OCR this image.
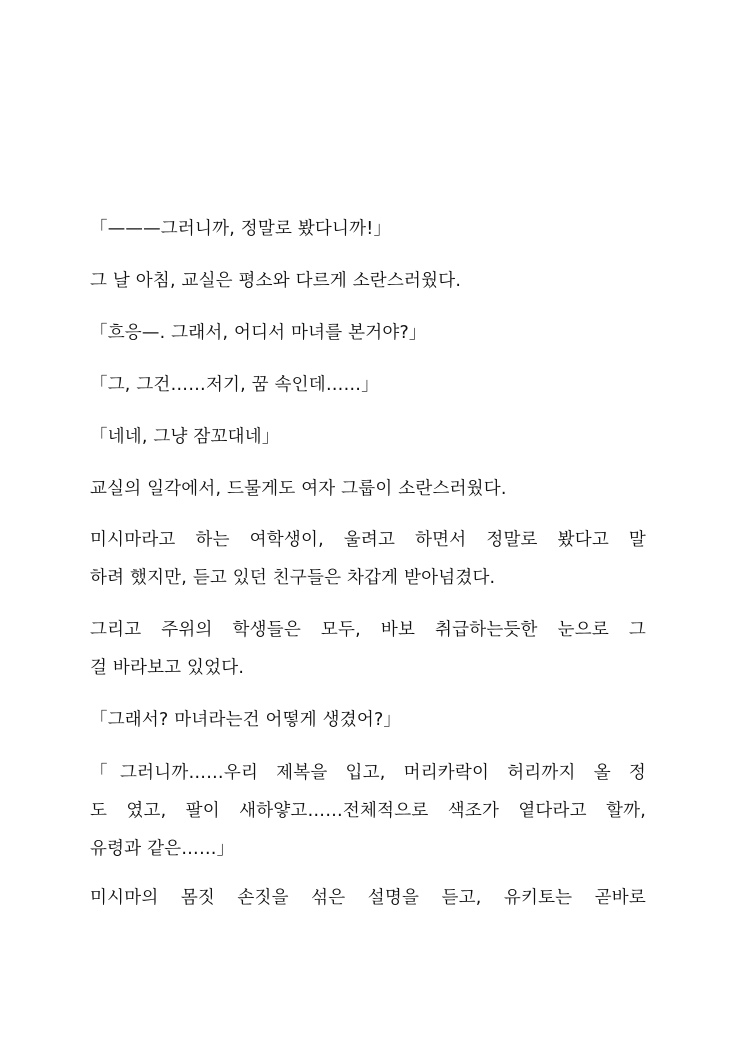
「———그러니까, 정말로 봤다니까!」
그 날 아침, 교실은 평소와 다르게 소란스러웠다.
「흐응—. 그래서, 어디서 마녀를 본거야?」
「그, 그건……저기, 꿈 속인데……」
「네네, 그냥 잠꼬대네」
교실의 일각에서, 드물게도 여자 그룹이 소란스러웠다.
미시마라고 하는 여학생이, 울려고 하면서 정말로 봤다고 말
하려 했지만, 듣고 있던 친구들은 차갑게 받아넘겼다.
그리고 주위의 학생들은 모두, 바보 취급하는듯한 눈으로 그
걸 바라보고 있었다.
「그래서? 마녀라는건 어떻게 생겼어?」
「그러니까……우리 제복을 입고, 머리카락이 허리까지 올 정
도 였고, 팔이 새하얗고……전체적으로 색조가 옅다라고 할까,
유령과 같은……」
미시마의 몸짓 손짓을 섞은 설명을 듣고, 유키토는 곧바로
